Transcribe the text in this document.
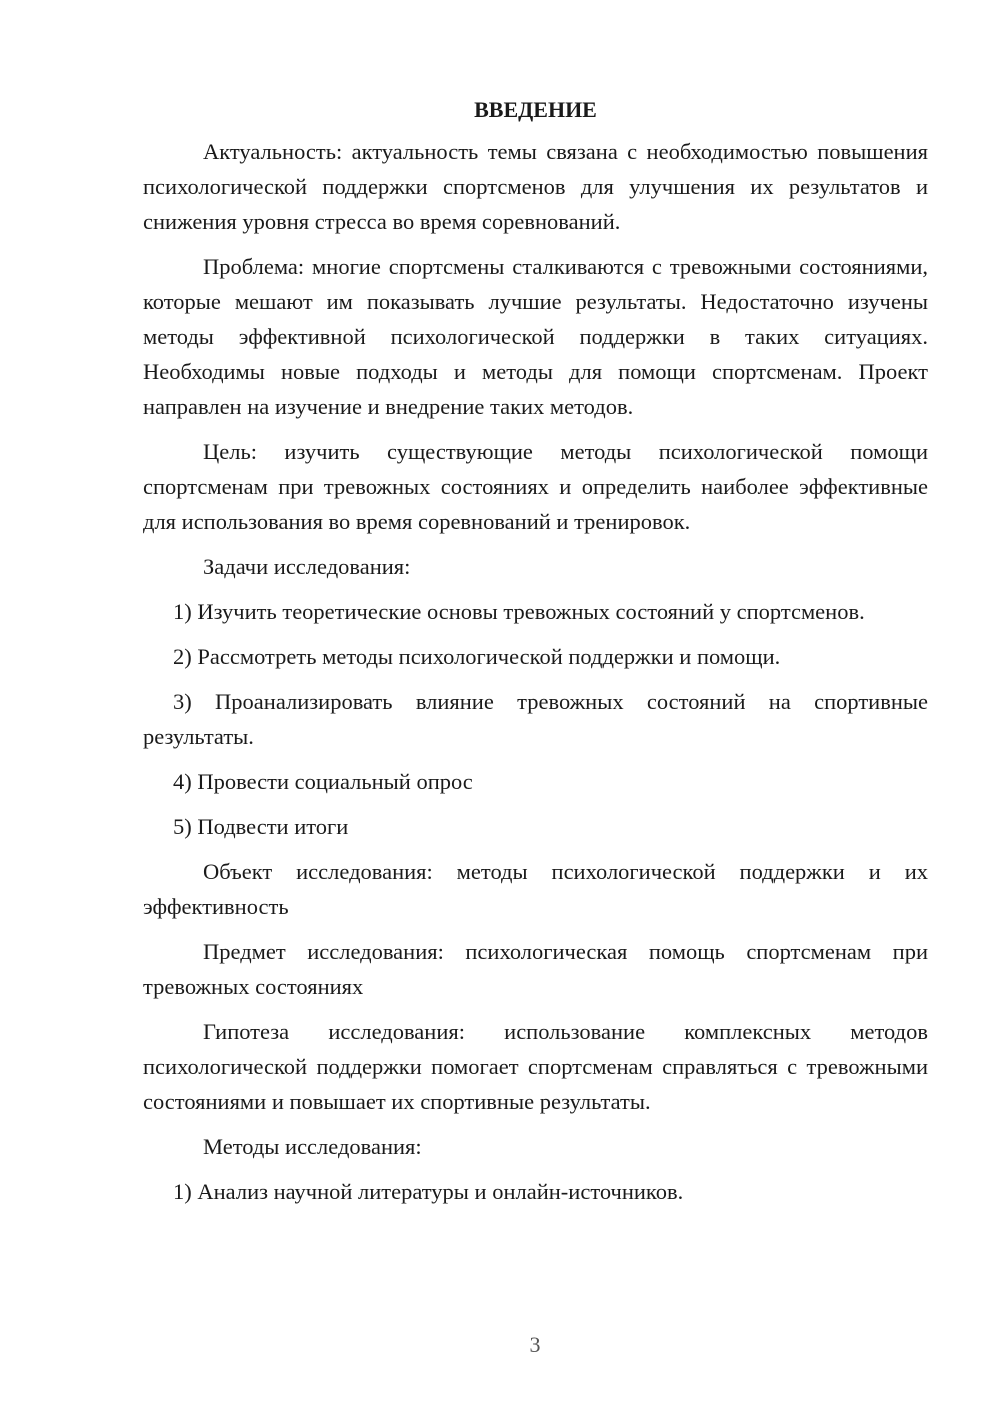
ВВЕДЕНИЕ

Актуальность: актуальность темы связана с необходимостью повышения психологической поддержки спортсменов для улучшения их результатов и снижения уровня стресса во время соревнований.

Проблема: многие спортсмены сталкиваются с тревожными состояниями, которые мешают им показывать лучшие результаты. Недостаточно изучены методы эффективной психологической поддержки в таких ситуациях. Необходимы новые подходы и методы для помощи спортсменам. Проект направлен на изучение и внедрение таких методов.

Цель: изучить существующие методы психологической помощи спортсменам при тревожных состояниях и определить наиболее эффективные для использования во время соревнований и тренировок.

Задачи исследования:

1) Изучить теоретические основы тревожных состояний у спортсменов.

2) Рассмотреть методы психологической поддержки и помощи.

3) Проанализировать влияние тревожных состояний на спортивные результаты.

4) Провести социальный опрос

5) Подвести итоги

Объект исследования: методы психологической поддержки и их эффективность

Предмет исследования: психологическая помощь спортсменам при тревожных состояниях

Гипотеза исследования: использование комплексных методов психологической поддержки помогает спортсменам справляться с тревожными состояниями и повышает их спортивные результаты.

Методы исследования:

1) Анализ научной литературы и онлайн-источников.

3
